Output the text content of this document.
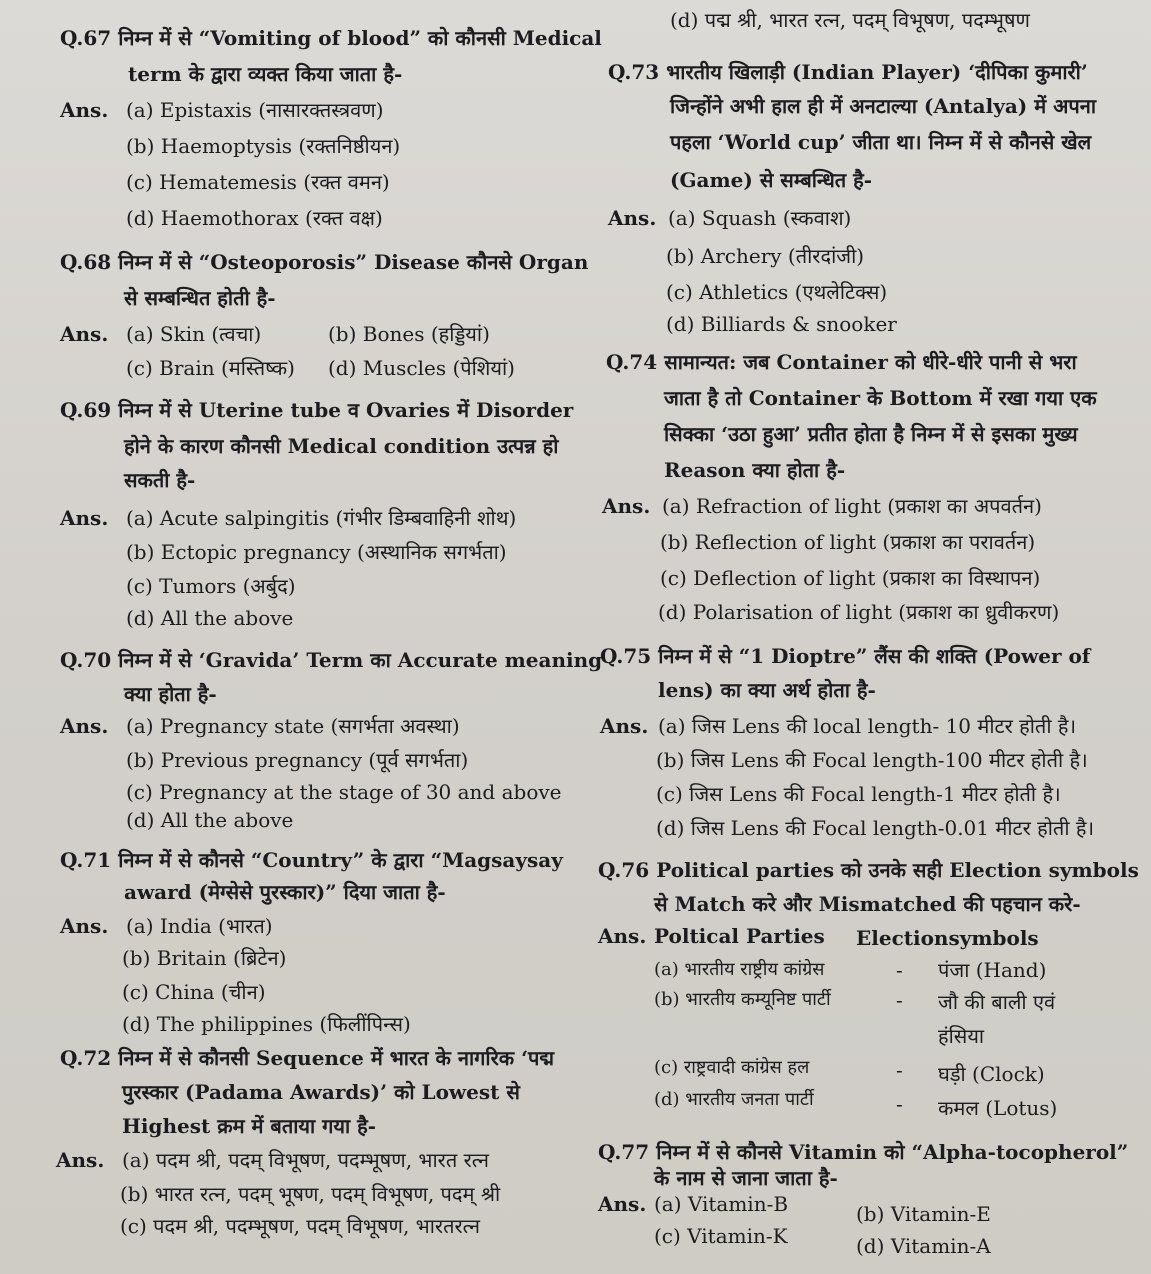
Q.67 निम्न में से “Vomiting of blood” को कौनसी Medical
term के द्वारा व्यक्त किया जाता है-
Ans. (a) Epistaxis (नासारक्तस्त्रवण)
(b) Haemoptysis (रक्तनिष्ठीयन)
(c) Hematemesis (रक्त वमन)
(d) Haemothorax (रक्त वक्ष)
Q.68 निम्न में से “Osteoporosis” Disease कौनसे Organ
से सम्बन्धित होती है-
Ans. (a) Skin (त्वचा)	(b) Bones (हड्डियां)
(c) Brain (मस्तिष्क) (d) Muscles (पेशियां)
Q.69 निम्न में से Uterine tube व Ovaries में Disorder
होने के कारण कौनसी Medical condition उत्पन्न हो
सकती है-
Ans. (a) Acute salpingitis (गंभीर डिम्बवाहिनी शोथ)
(b) Ectopic pregnancy (अस्थानिक सगर्भता)
(c) Tumors (अर्बुद)
(d) All the above
Q.70 निम्न में से ‘Gravida’ Term का Accurate meaning
क्या होता है-
Ans. (a) Pregnancy state (सगर्भता अवस्था)
(b) Previous pregnancy (पूर्व सगर्भता)
(c) Pregnancy at the stage of 30 and above
(d) All the above
Q.71 निम्न में से कौनसे “Country” के द्वारा “Magsaysay
award (मेग्सेसे पुरस्कार)” दिया जाता है-
Ans. (a) India (भारत)
(b) Britain (ब्रिटेन)
(c) China (चीन)
(d) The philippines (फिलींपिन्स)
Q.72 निम्न में से कौनसी Sequence में भारत के नागरिक ‘पद्म
पुरस्कार (Padama Awards)’ को Lowest से
Highest क्रम में बताया गया है-
Ans. (a) पदम श्री, पदम् विभूषण, पदम्भूषण, भारत रत्न
(b) भारत रत्न, पदम् भूषण, पदम् विभूषण, पदम् श्री
(c) पदम श्री, पदम्भूषण, पदम् विभूषण, भारतरत्न
(d) पद्म श्री, भारत रत्न, पदम् विभूषण, पदम्भूषण
Q.73 भारतीय खिलाड़ी (Indian Player) ‘दीपिका कुमारी’
जिन्होंने अभी हाल ही में अनटाल्या (Antalya) में अपना
पहला ‘World cup’ जीता था। निम्न में से कौनसे खेल
(Game) से सम्बन्धित है-
Ans. (a) Squash (स्कवाश)
(b) Archery (तीरदांजी)
(c) Athletics (एथलेटिक्स)
(d) Billiards & snooker
Q.74 सामान्यत: जब Container को धीरे-धीरे पानी से भरा
जाता है तो Container के Bottom में रखा गया एक
सिक्का ‘उठा हुआ’ प्रतीत होता है निम्न में से इसका मुख्य
Reason क्या होता है-
Ans. (a) Refraction of light (प्रकाश का अपवर्तन)
(b) Reflection of light (प्रकाश का परावर्तन)
(c) Deflection of light (प्रकाश का विस्थापन)
(d) Polarisation of light (प्रकाश का ध्रुवीकरण)
Q.75 निम्न में से “1 Dioptre” लैंस की शक्ति (Power of
lens) का क्या अर्थ होता है-
Ans. (a) जिस Lens की local length- 10 मीटर होती है।
(b) जिस Lens की Focal length-100 मीटर होती है।
(c) जिस Lens की Focal length-1 मीटर होती है।
(d) जिस Lens की Focal length-0.01 मीटर होती है।
Q.76 Political parties को उनके सही Election symbols
से Match करे और Mismatched की पहचान करे-
Ans. Poltical Parties Electionsymbols
(a) भारतीय राष्ट्रीय कांग्रेस	- पंजा (Hand)
(b) भारतीय कम्यूनिष्ट पार्टी	- जौ की बाली एवं
हंसिया
(c) राष्ट्रवादी कांग्रेस हल	- घड़ी (Clock)
(d) भारतीय जनता पार्टी	- कमल (Lotus)
Q.77 निम्न में से कौनसे Vitamin को “Alpha-tocopherol”
के नाम से जाना जाता है-
Ans. (a) Vitamin-B	(b) Vitamin-E
(c) Vitamin-K	(d) Vitamin-A
